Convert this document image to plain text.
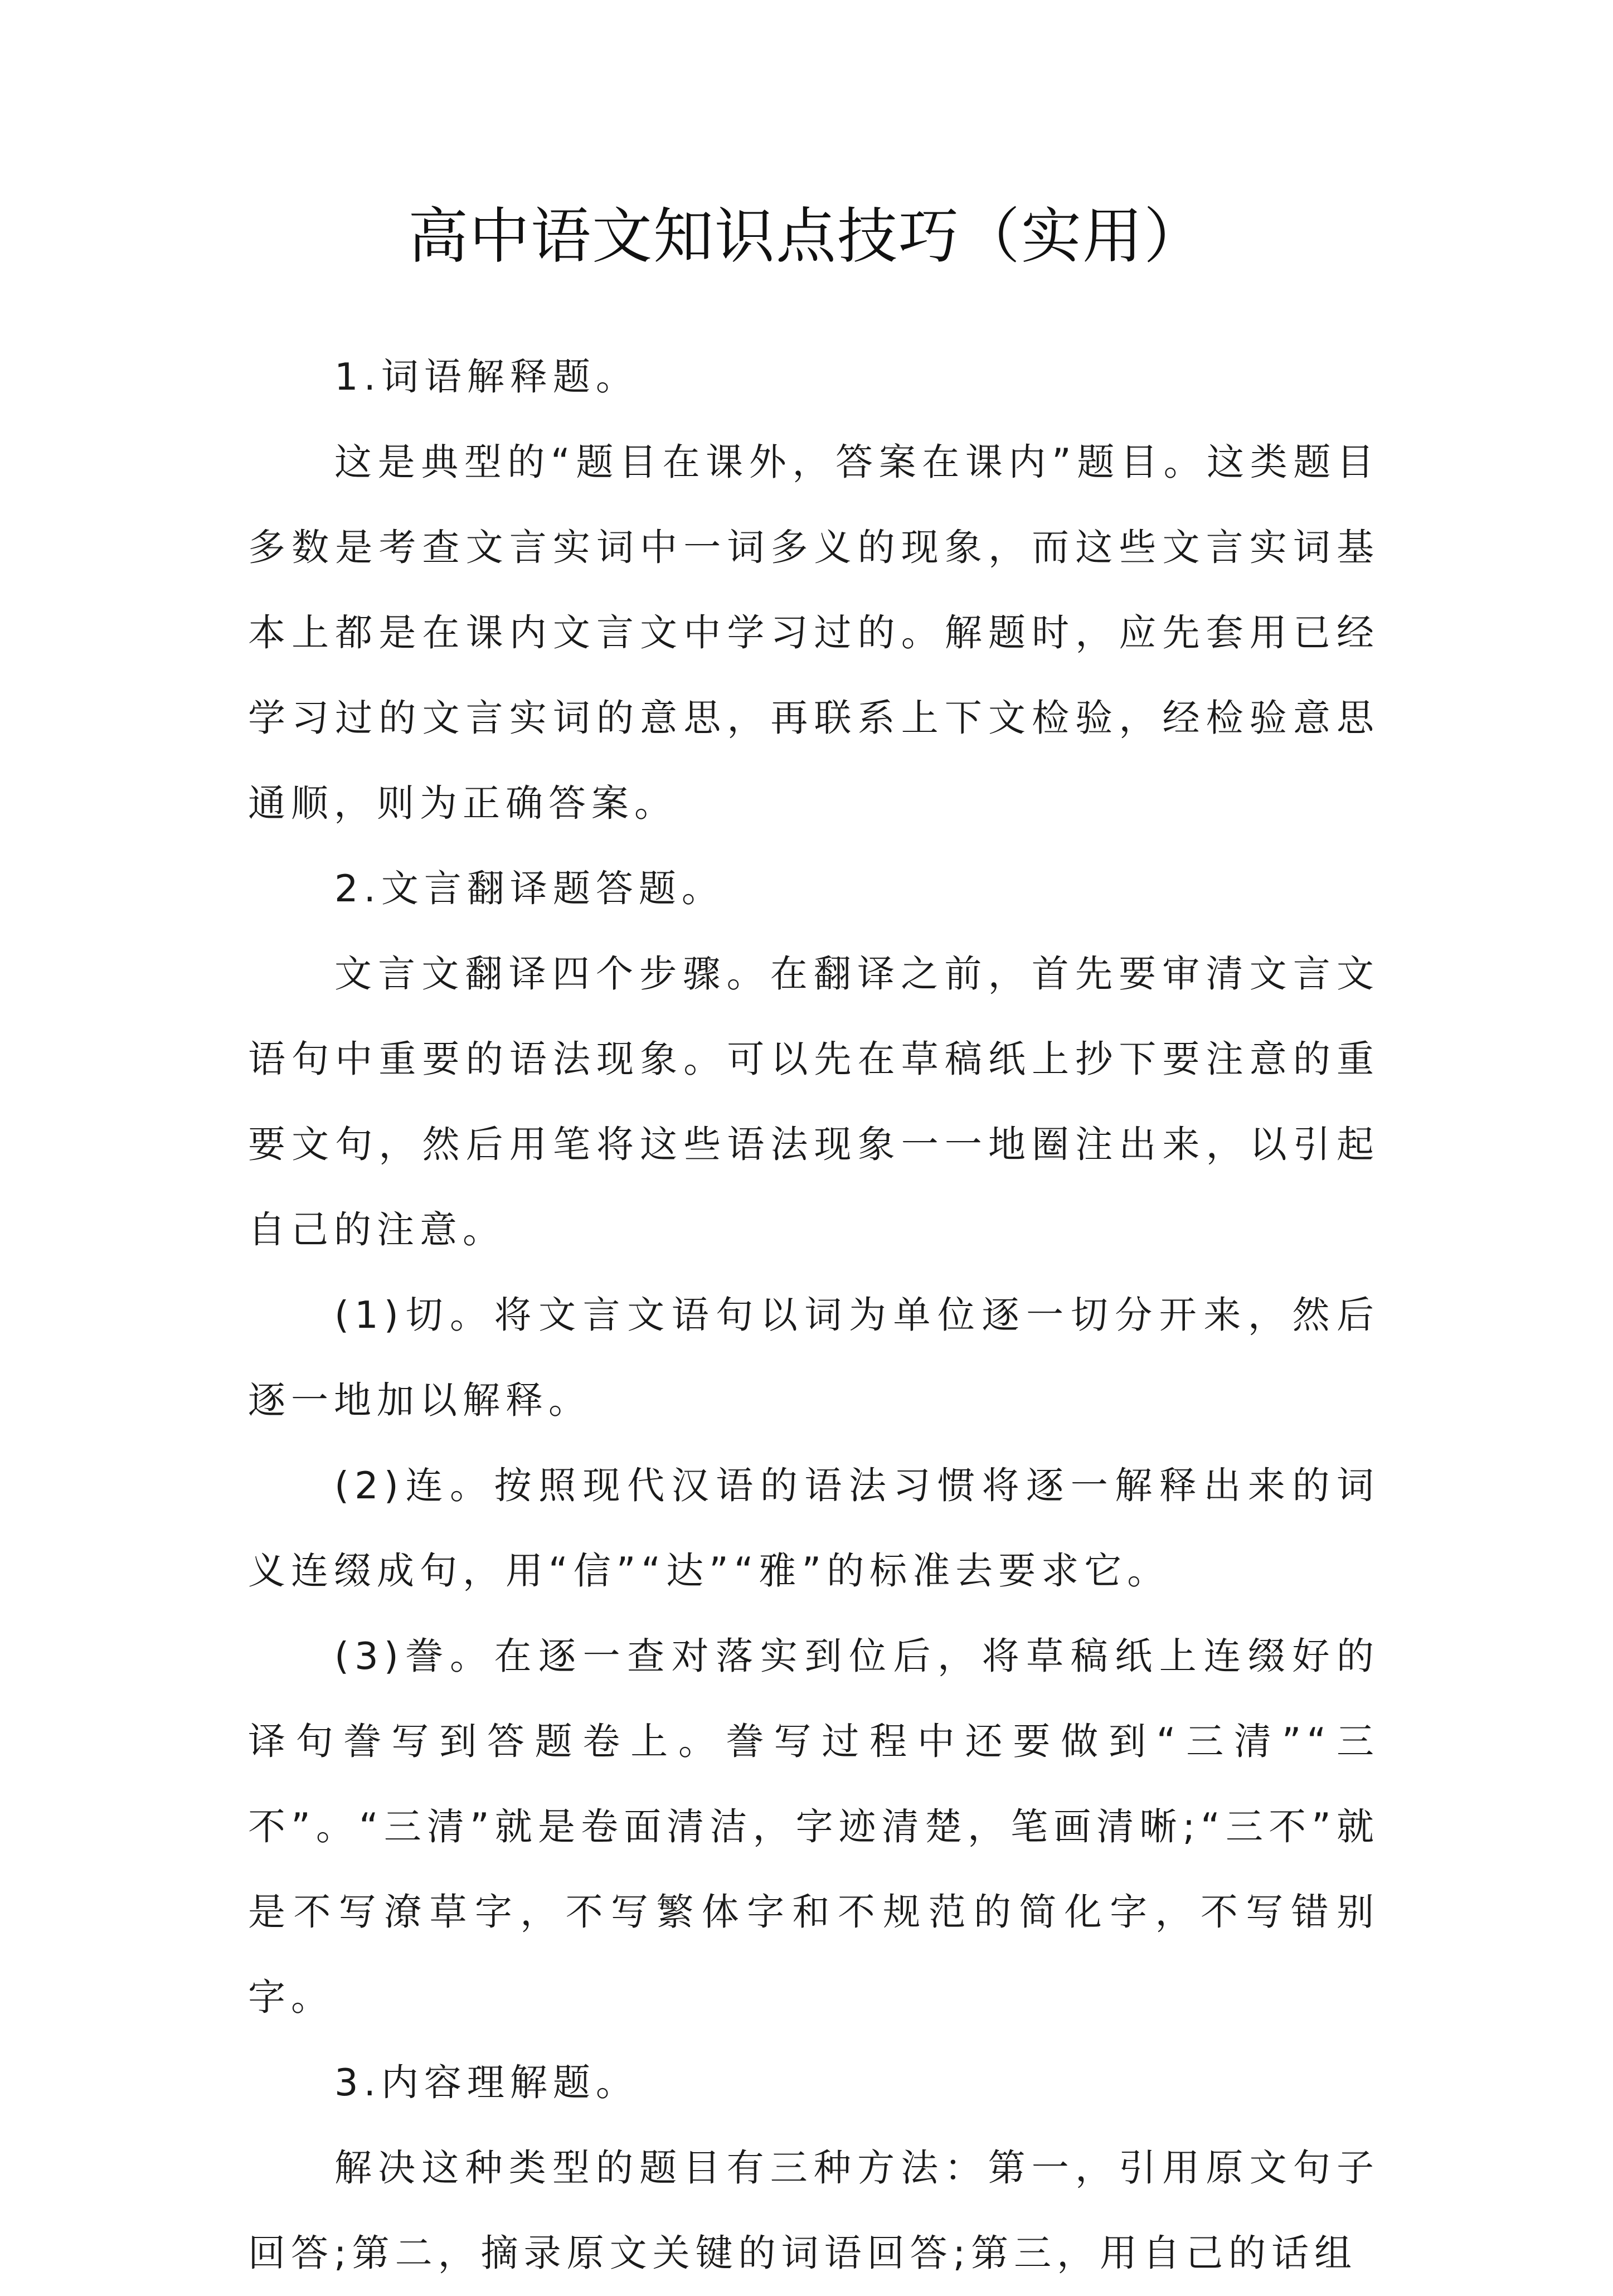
高中语文知识点技巧（实用）

1.词语解释题。

这是典型的“题目在课外，答案在课内”题目。这类题目多数是考查文言实词中一词多义的现象，而这些文言实词基本上都是在课内文言文中学习过的。解题时，应先套用已经学习过的文言实词的意思，再联系上下文检验，经检验意思通顺，则为正确答案。

2.文言翻译题答题。

文言文翻译四个步骤。在翻译之前，首先要审清文言文语句中重要的语法现象。可以先在草稿纸上抄下要注意的重要文句，然后用笔将这些语法现象一一地圈注出来，以引起自己的注意。

(1)切。将文言文语句以词为单位逐一切分开来，然后逐一地加以解释。

(2)连。按照现代汉语的语法习惯将逐一解释出来的词义连缀成句，用“信”“达”“雅”的标准去要求它。

(3)誊。在逐一查对落实到位后，将草稿纸上连缀好的译句誊写到答题卷上。誊写过程中还要做到“三清”“三不”。“三清”就是卷面清洁，字迹清楚，笔画清晰;“三不”就是不写潦草字，不写繁体字和不规范的简化字，不写错别字。

3.内容理解题。

解决这种类型的题目有三种方法：第一，引用原文句子回答;第二，摘录原文关键的词语回答;第三，用自己的话组
